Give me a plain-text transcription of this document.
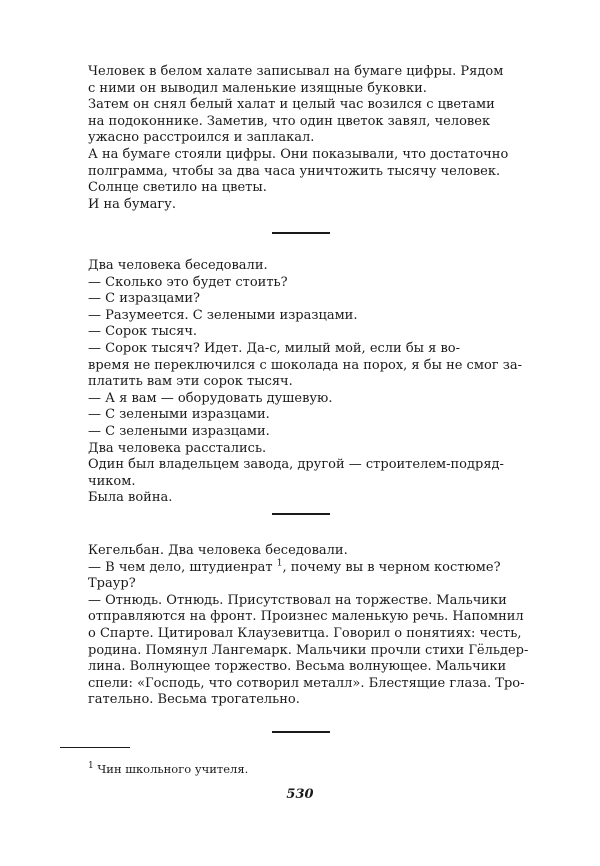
Человек в белом халате записывал на бумаге цифры. Рядом
с ними он выводил маленькие изящные буковки.
Затем он снял белый халат и целый час возился с цветами
на подоконнике. Заметив, что один цветок завял, человек
ужасно расстроился и заплакал.
А на бумаге стояли цифры. Они показывали, что достаточно
полграмма, чтобы за два часа уничтожить тысячу человек.
Солнце светило на цветы.
И на бумагу.
Два человека беседовали.
— Сколько это будет стоить?
— С изразцами?
— Разумеется. С зелеными изразцами.
— Сорок тысяч.
— Сорок тысяч? Идет. Да-с, милый мой, если бы я во-
время не переключился с шоколада на порох, я бы не смог за-
платить вам эти сорок тысяч.
— А я вам — оборудовать душевую.
— С зелеными изразцами.
— С зелеными изразцами.
Два человека расстались.
Один был владельцем завода, другой — строителем-подряд-
чиком.
Была война.
Кегельбан. Два человека беседовали.
— В чем дело, штудиенрат $^1$, почему вы в черном костюме?
Траур?
— Отнюдь. Отнюдь. Присутствовал на торжестве. Мальчики
отправляются на фронт. Произнес маленькую речь. Напомнил
о Спарте. Цитировал Клаузевитца. Говорил о понятиях: честь,
родина. Помянул Лангемарк. Мальчики прочли стихи Гёльдер-
лина. Волнующее торжество. Весьма волнующее. Мальчики
спели: «Господь, что сотворил металл». Блестящие глаза. Тро-
гательно. Весьма трогательно.
$^1$ Чин школьного учителя.
530
